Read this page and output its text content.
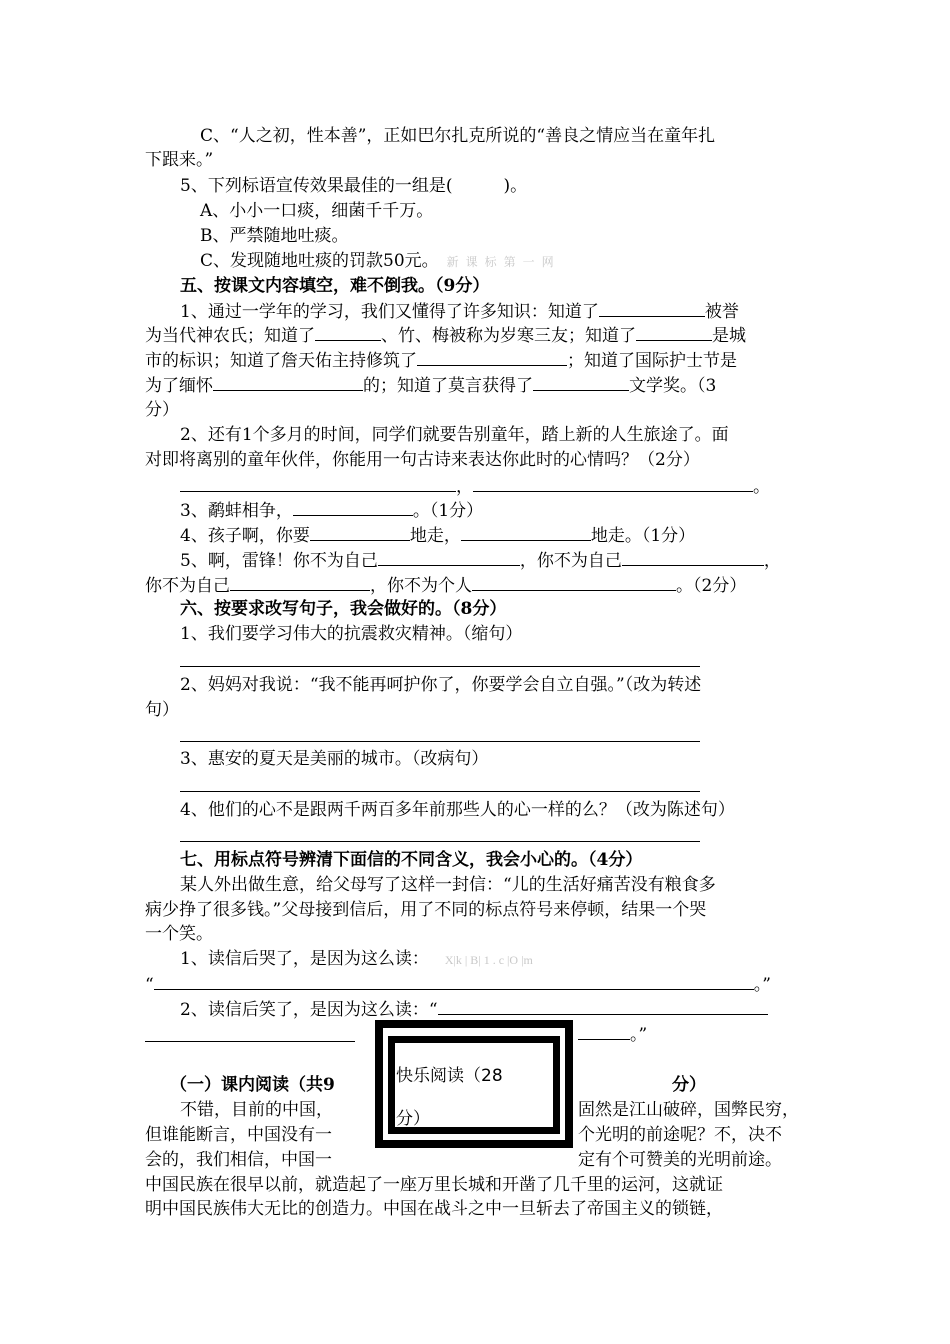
C、“人之初，性本善”，正如巴尔扎克所说的“善良之情应当在童年扎
下跟来。”
5、下列标语宣传效果最佳的一组是(　　　)。
A、小小一口痰，细菌千千万。
B、严禁随地吐痰。
C、发现随地吐痰的罚款50元。 新 课 标 第 一 网
五、按课文内容填空，难不倒我。（9分）
1、通过一学年的学习，我们又懂得了许多知识：知道了	被誉
为当代神农氏；知道了	、竹、梅被称为岁寒三友；知道了	是城
市的标识；知道了詹天佑主持修筑了	；知道了国际护士节是
为了缅怀	的；知道了莫言获得了	文学奖。（3
分）
2、还有1个多月的时间，同学们就要告别童年，踏上新的人生旅途了。面
对即将离别的童年伙伴，你能用一句古诗来表达你此时的心情吗？（2分）
，	。
3、鹬蚌相争，	。（1分）
4、孩子啊，你要	地走，	地走。（1分）
5、啊，雷锋！你不为自己	，你不为自己	，
你不为自己	，你不为个人	。（2分）
六、按要求改写句子，我会做好的。（8分）
1、我们要学习伟大的抗震救灾精神。（缩句）
2、妈妈对我说：“我不能再呵护你了，你要学会自立自强。”（改为转述
句）
3、惠安的夏天是美丽的城市。（改病句）
4、他们的心不是跟两千两百多年前那些人的心一样的么？（改为陈述句）
七、用标点符号辨清下面信的不同含义，我会小心的。（4分）
某人外出做生意，给父母写了这样一封信：“儿的生活好痛苦没有粮食多
病少挣了很多钱。”父母接到信后，用了不同的标点符号来停顿，结果一个哭
一个笑。
1、读信后哭了，是因为这么读： X|k | B| 1 . c |O |m
“	。”
2、读信后笑了，是因为这么读：“
。”
（一）课内阅读（共9	分）
不错，目前的中国，	固然是江山破碎，国弊民穷，
但谁能断言，中国没有一	个光明的前途呢？不，决不
会的，我们相信，中国一	定有个可赞美的光明前途。
中国民族在很早以前，就造起了一座万里长城和开凿了几千里的运河，这就证
明中国民族伟大无比的创造力。中国在战斗之中一旦斩去了帝国主义的锁链，
快乐阅读（28
分）
